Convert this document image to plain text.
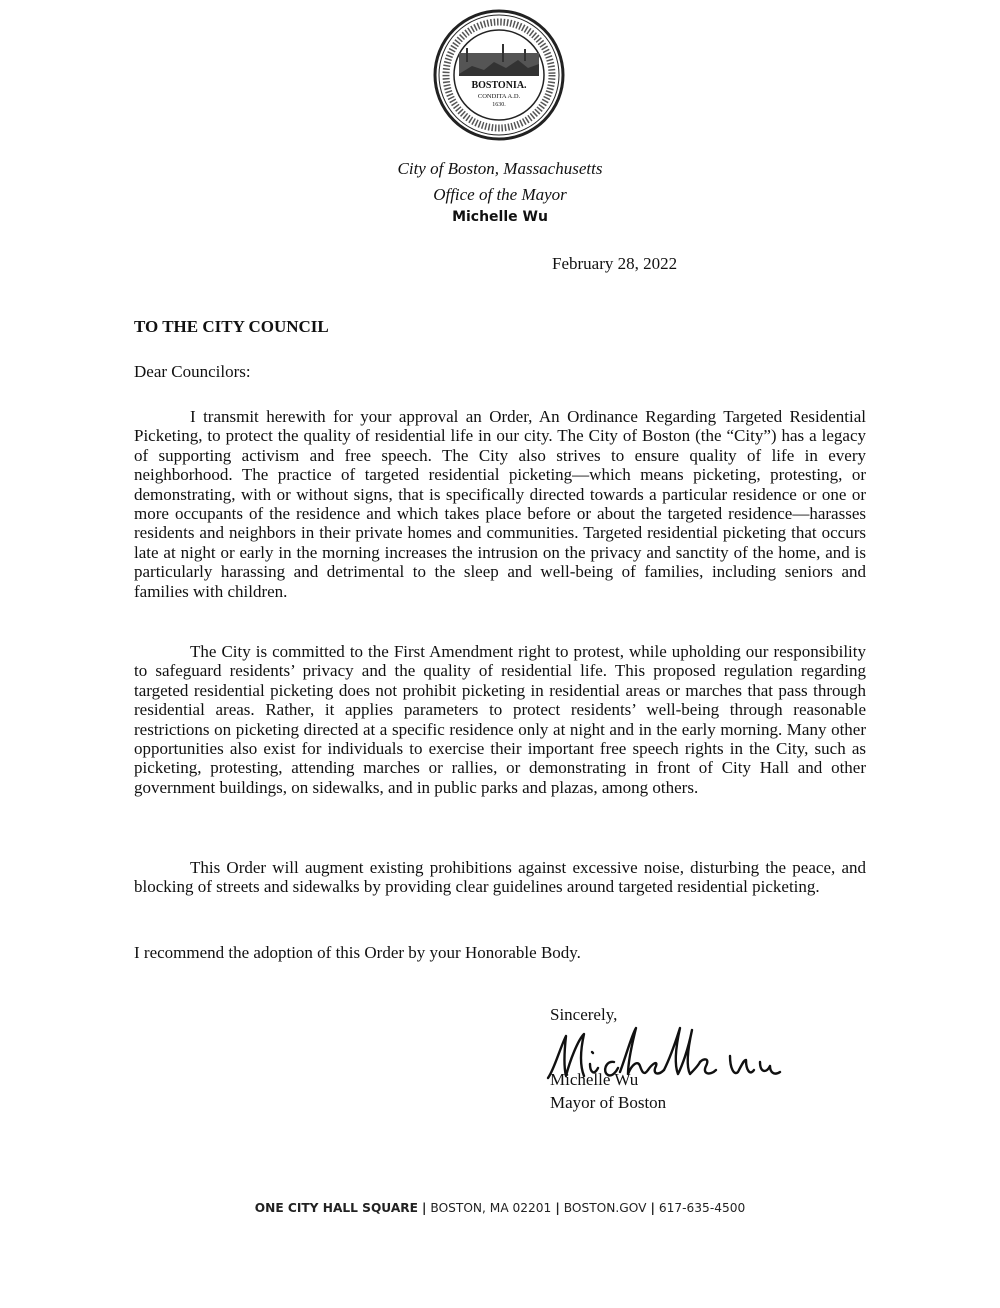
BOSTONIA.
CONDITA A.D.
1630.
City of Boston, Massachusetts
Office of the Mayor
Michelle Wu
February 28, 2022
TO THE CITY COUNCIL
Dear Councilors:

I transmit herewith for your approval an Order, An Ordinance Regarding Targeted Residential Picketing, to protect the quality of residential life in our city. The City of Boston (the “City”) has a legacy of supporting activism and free speech. The City also strives to ensure quality of life in every neighborhood. The practice of targeted residential picketing—which means picketing, protesting, or demonstrating, with or without signs, that is specifically directed towards a particular residence or one or more occupants of the residence and which takes place before or about the targeted residence—harasses residents and neighbors in their private homes and communities. Targeted residential picketing that occurs late at night or early in the morning increases the intrusion on the privacy and sanctity of the home, and is particularly harassing and detrimental to the sleep and well-being of families, including seniors and families with children.

The City is committed to the First Amendment right to protest, while upholding our responsibility to safeguard residents’ privacy and the quality of residential life. This proposed regulation regarding targeted residential picketing does not prohibit picketing in residential areas or marches that pass through residential areas. Rather, it applies parameters to protect residents’ well-being through reasonable restrictions on picketing directed at a specific residence only at night and in the early morning. Many other opportunities also exist for individuals to exercise their important free speech rights in the City, such as picketing, protesting, attending marches or rallies, or demonstrating in front of City Hall and other government buildings, on sidewalks, and in public parks and plazas, among others.

This Order will augment existing prohibitions against excessive noise, disturbing the peace, and blocking of streets and sidewalks by providing clear guidelines around targeted residential picketing.

I recommend the adoption of this Order by your Honorable Body.
Sincerely,
Michelle Wu
Mayor of Boston
ONE CITY HALL SQUARE | BOSTON, MA 02201 | BOSTON.GOV | 617-635-4500
